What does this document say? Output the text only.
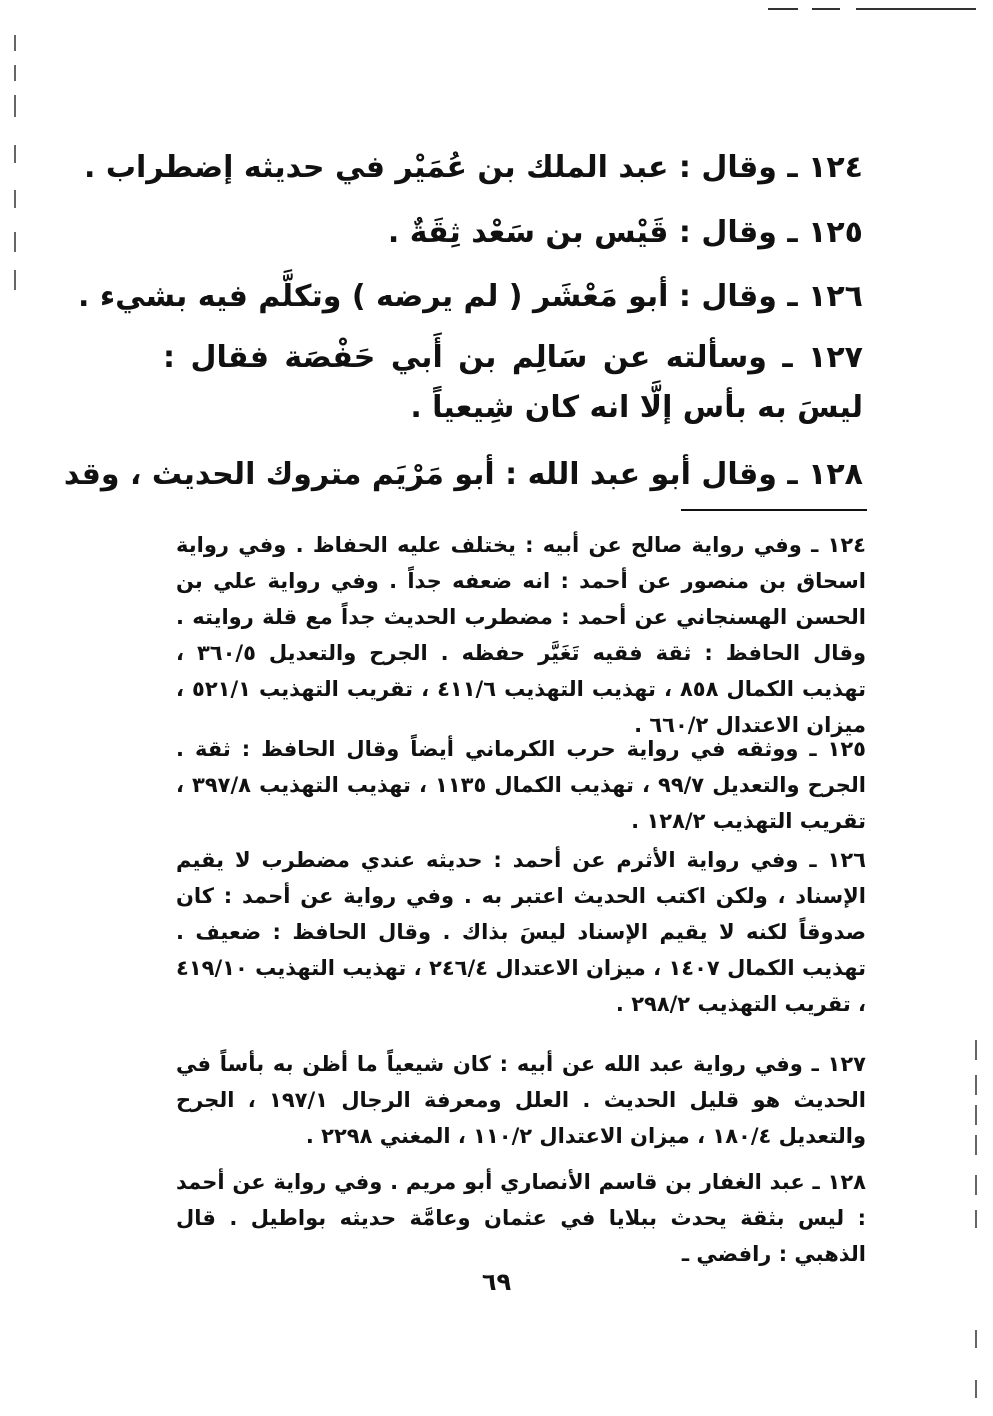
١٢٤ ـ وقال : عبد الملك بن عُمَيْر في حديثه إضطراب .
١٢٥ ـ وقال : قَيْس بن سَعْد ثِقَةٌ .
١٢٦ ـ وقال : أبو مَعْشَر ( لم يرضه ) وتكلَّم فيه بشيء .
١٢٧ ـ وسألته عن سَالِم بن أَبي حَفْصَة فقال : ليسَ به بأس إلَّا انه كان شِيعياً .
١٢٨ ـ وقال أبو عبد الله : أبو مَرْيَم متروك الحديث ، وقد
١٢٤ ـ وفي رواية صالح عن أبيه : يختلف عليه الحفاظ . وفي رواية اسحاق بن منصور عن أحمد : انه ضعفه جداً . وفي رواية علي بن الحسن الهسنجاني عن أحمد : مضطرب الحديث جداً مع قلة روايته . وقال الحافظ : ثقة فقيه تَغَيَّر حفظه . الجرح والتعديل ٣٦٠/٥ ، تهذيب الكمال ٨٥٨ ، تهذيب التهذيب ٤١١/٦ ، تقريب التهذيب ٥٢١/١ ، ميزان الاعتدال ٦٦٠/٢ .
١٢٥ ـ ووثقه في رواية حرب الكرماني أيضاً وقال الحافظ : ثقة . الجرح والتعديل ٩٩/٧ ، تهذيب الكمال ١١٣٥ ، تهذيب التهذيب ٣٩٧/٨ ، تقريب التهذيب ١٢٨/٢ .
١٢٦ ـ وفي رواية الأثرم عن أحمد : حديثه عندي مضطرب لا يقيم الإسناد ، ولكن اكتب الحديث اعتبر به . وفي رواية عن أحمد : كان صدوقاً لكنه لا يقيم الإسناد ليسَ بذاك . وقال الحافظ : ضعيف . تهذيب الكمال ١٤٠٧ ، ميزان الاعتدال ٢٤٦/٤ ، تهذيب التهذيب ٤١٩/١٠ ، تقريب التهذيب ٢٩٨/٢ .
١٢٧ ـ وفي رواية عبد الله عن أبيه : كان شيعياً ما أظن به بأساً في الحديث هو قليل الحديث . العلل ومعرفة الرجال ١٩٧/١ ، الجرح والتعديل ١٨٠/٤ ، ميزان الاعتدال ١١٠/٢ ، المغني ٢٢٩٨ .
١٢٨ ـ عبد الغفار بن قاسم الأنصاري أبو مريم . وفي رواية عن أحمد : ليس بثقة يحدث ببلايا في عثمان وعامَّة حديثه بواطيل . قال الذهبي : رافضي ـ
٦٩
